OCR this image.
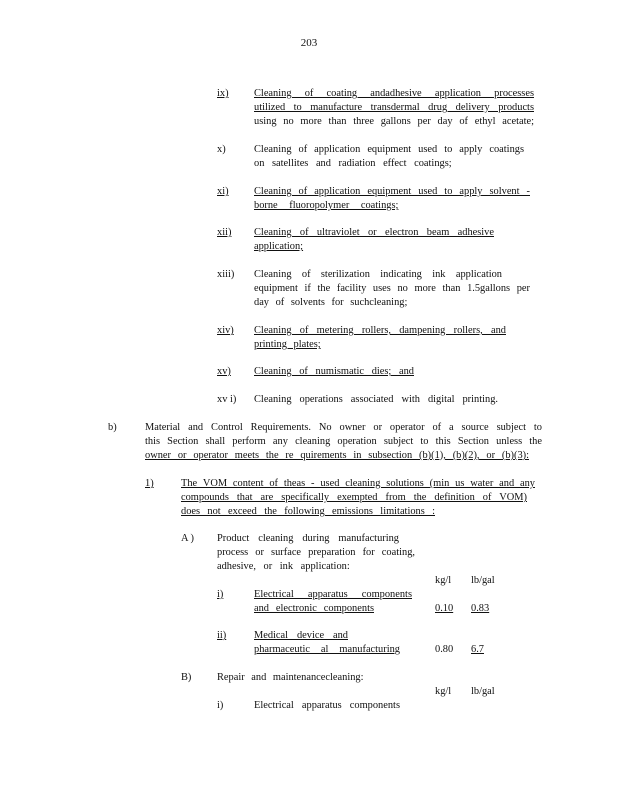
203
ix) Cleaning of coating andadhesive application processes
utilized to manufacture transdermal drug delivery products
using no more than three gallons per day of ethyl acetate;
x)	Cleaning of application equipment used to apply coatings
on satellites and radiation effect coatings;
xi) Cleaning of application equipment used to apply solvent -
borne fluoropolymer coatings;
xii) Cleaning of ultraviolet or electron beam adhesive
application;
xiii) Cleaning of sterilization indicating ink application
equipment if the facility uses no more than 1.5gallons per
day of solvents for suchcleaning;
xiv) Cleaning of metering rollers, dampening rollers, and
printing plates;
xv) Cleaning of numismatic dies; and
xv i) Cleaning operations associated with digital printing.
b)	Material and Control Requirements. No owner or operator of a source subject to
this Section shall perform any cleaning operation subject to this Section unless the
owner or operator meets the re quirements in subsection (b)(1), (b)(2), or (b)(3):
1)	The VOM content of theas - used cleaning solutions (min us water and any
compounds that are specifically exempted from the definition of VOM)
does not exceed the following emissions limitations :
A ) Product cleaning during manufacturing
process or surface preparation for coating,
adhesive, or ink application:
kg/l lb/gal
i)	Electrical apparatus components
and electronic components	0.10 0.83
ii)	Medical device and
pharmaceutic al manufacturing	0.80 6.7
B) Repair and maintenancecleaning:
kg/l lb/gal
i)	Electrical apparatus components
